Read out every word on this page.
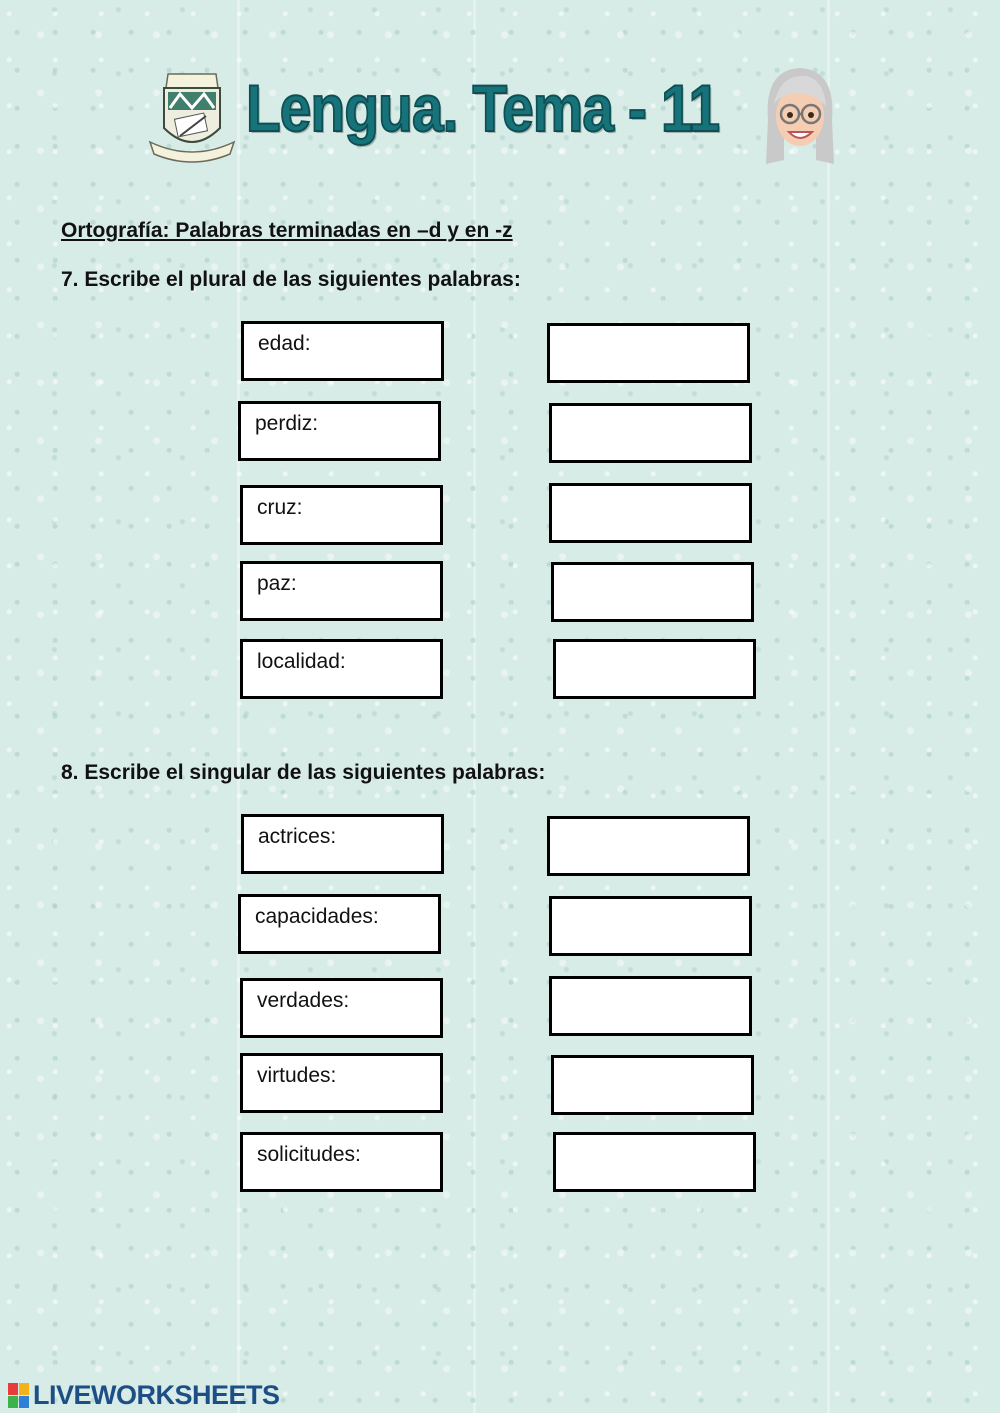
Lengua. Tema - 11

Ortografía: Palabras terminadas en –d y en -z

7. Escribe el plural de las siguientes palabras:

edad:
perdiz:
cruz:
paz:
localidad:

8. Escribe el singular de las siguientes palabras:

actrices:
capacidades:
verdades:
virtudes:
solicitudes:
LIVEWORKSHEETS
